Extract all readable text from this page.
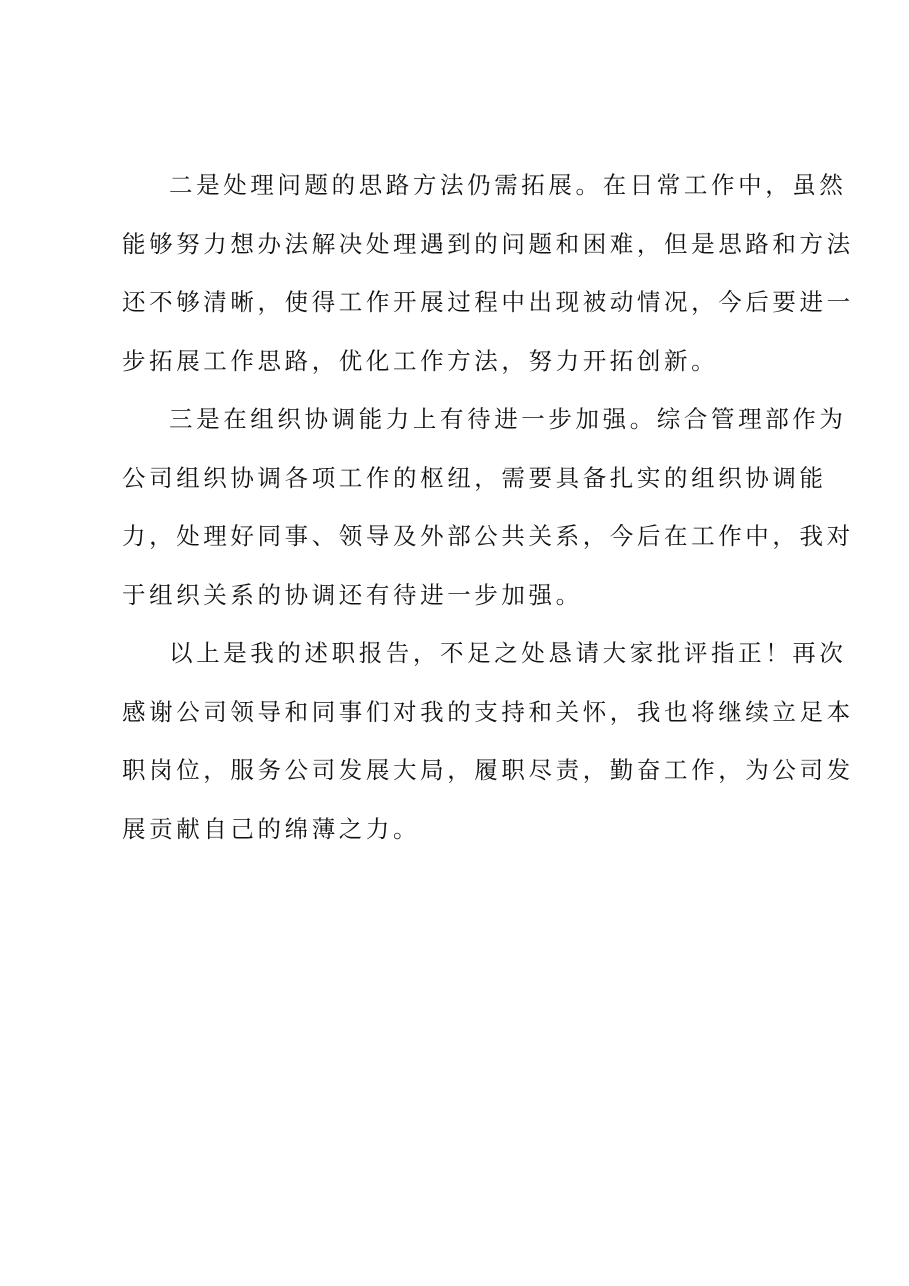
二是处理问题的思路方法仍需拓展。在日常工作中，虽然
能够努力想办法解决处理遇到的问题和困难，但是思路和方法
还不够清晰，使得工作开展过程中出现被动情况，今后要进一
步拓展工作思路，优化工作方法，努力开拓创新。
三是在组织协调能力上有待进一步加强。综合管理部作为
公司组织协调各项工作的枢纽，需要具备扎实的组织协调能
力，处理好同事、领导及外部公共关系，今后在工作中，我对
于组织关系的协调还有待进一步加强。
以上是我的述职报告，不足之处恳请大家批评指正！再次
感谢公司领导和同事们对我的支持和关怀，我也将继续立足本
职岗位，服务公司发展大局，履职尽责，勤奋工作，为公司发
展贡献自己的绵薄之力。
